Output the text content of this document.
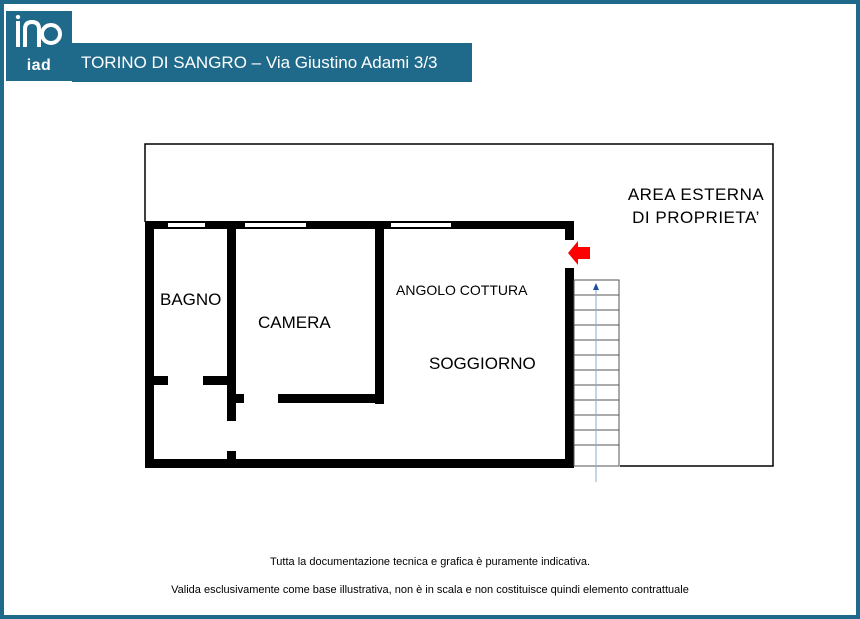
iad	TORINO DI SANGRO – Via Giustino Adami 3/3
AREA ESTERNA
DI PROPRIETA’
BAGNO
CAMERA
ANGOLO COTTURA
SOGGIORNO
Tutta la documentazione tecnica e grafica è puramente indicativa.
Valida esclusivamente come base illustrativa, non è in scala e non costituisce quindi elemento contrattuale
